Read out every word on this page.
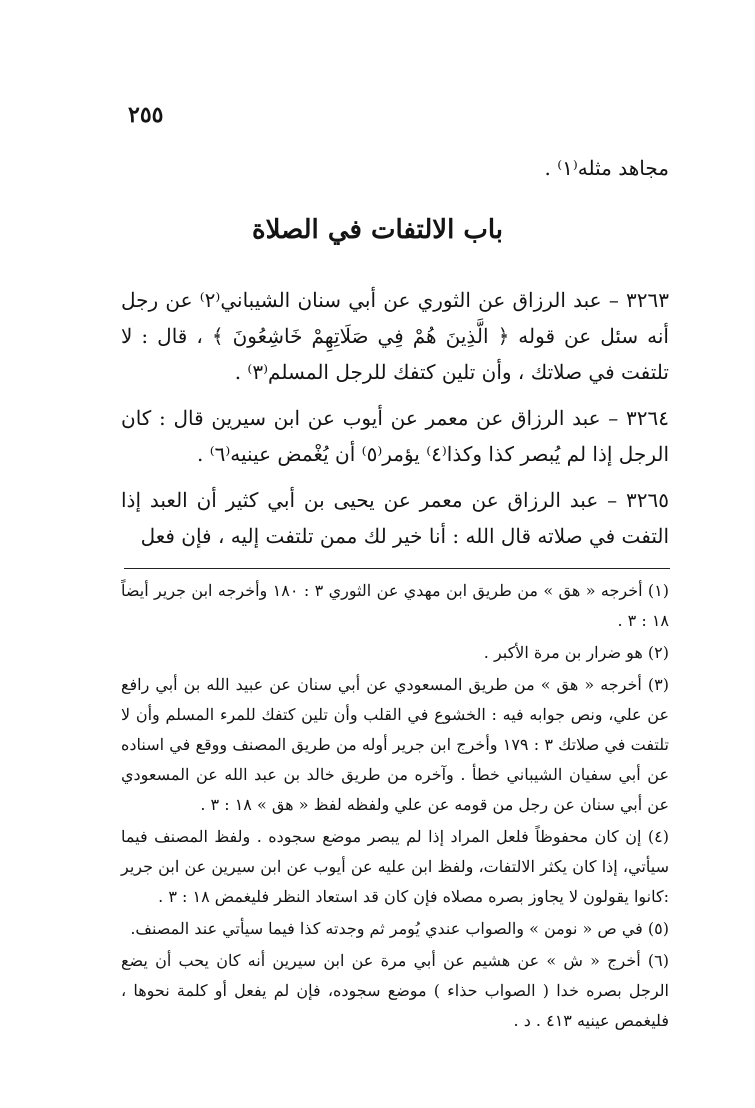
٢٥٥

مجاهد مثله⁽١⁾ .

باب الالتفات في الصلاة

٣٢٦٣ – عبد الرزاق عن الثوري عن أبي سنان الشيباني⁽٢⁾ عن رجل أنه سئل عن قوله ﴿ الَّذِينَ هُمْ فِي صَلَاتِهِمْ خَاشِعُونَ ﴾ ، قال : لا تلتفت في صلاتك ، وأن تلين كتفك للرجل المسلم⁽٣⁾ .

٣٢٦٤ – عبد الرزاق عن معمر عن أيوب عن ابن سيرين قال : كان الرجل إذا لم يُبصر كذا وكذا⁽٤⁾ يؤمر⁽٥⁾ أن يُغْمض عينيه⁽٦⁾ .

٣٢٦٥ – عبد الرزاق عن معمر عن يحيى بن أبي كثير أن العبد إذا التفت في صلاته قال الله : أنا خير لك ممن تلتفت إليه ، فإن فعل

(١) أخرجه « هق » من طريق ابن مهدي عن الثوري ٣ : ١٨٠ وأخرجه ابن جرير أيضاً ١٨ : ٣ .

(٢) هو ضرار بن مرة الأكبر .

(٣) أخرجه « هق » من طريق المسعودي عن أبي سنان عن عبيد الله بن أبي رافع عن علي، ونص جوابه فيه : الخشوع في القلب وأن تلين كتفك للمرء المسلم وأن لا تلتفت في صلاتك ٣ : ١٧٩ وأخرج ابن جرير أوله من طريق المصنف ووقع في اسناده عن أبي سفيان الشيباني خطأ . وآخره من طريق خالد بن عبد الله عن المسعودي عن أبي سنان عن رجل من قومه عن علي ولفظه لفظ « هق » ١٨ : ٣ .

(٤) إن كان محفوظاً فلعل المراد إذا لم يبصر موضع سجوده . ولفظ المصنف فيما سيأتي، إذا كان يكثر الالتفات، ولفظ ابن عليه عن أيوب عن ابن سيرين عن ابن جرير :كانوا يقولون لا يجاوز بصره مصلاه فإن كان قد استعاد النظر فليغمض ١٨ : ٣ .

(٥) في ص « نومن » والصواب عندي يُومر ثم وجدته كذا فيما سيأتي عند المصنف.

(٦) أخرج « ش » عن هشيم عن أبي مرة عن ابن سيرين أنه كان يحب أن يضع الرجل بصره خدا ( الصواب حذاء ) موضع سجوده، فإن لم يفعل أو كلمة نحوها ، فليغمص عينيه ٤١٣ . د .
